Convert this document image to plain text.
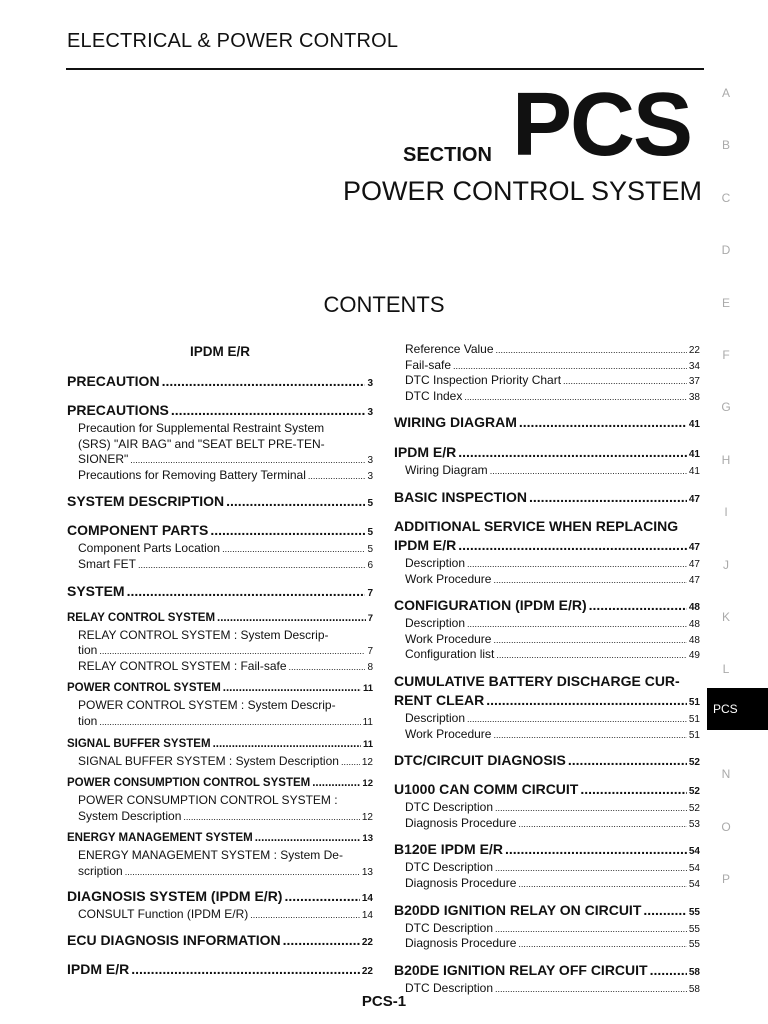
ELECTRICAL & POWER CONTROL
SECTION PCS
POWER CONTROL SYSTEM
CONTENTS
IPDM E/R
PRECAUTION .....	3
PRECAUTIONS .....	3
Precaution for Supplemental Restraint System
(SRS) "AIR BAG" and "SEAT BELT PRE-TEN-
SIONER" .....	3
Precautions for Removing Battery Terminal .....	3
SYSTEM DESCRIPTION .....	5
COMPONENT PARTS .....	5
Component Parts Location .....	5
Smart FET .....	6
SYSTEM .....	7
RELAY CONTROL SYSTEM .....	7
RELAY CONTROL SYSTEM : System Descrip-
tion .....	7
RELAY CONTROL SYSTEM : Fail-safe .....	8
POWER CONTROL SYSTEM .....	11
POWER CONTROL SYSTEM : System Descrip-
tion .....	11
SIGNAL BUFFER SYSTEM .....	11
SIGNAL BUFFER SYSTEM : System Description ..... 12
POWER CONSUMPTION CONTROL SYSTEM .....	12
POWER CONSUMPTION CONTROL SYSTEM :
System Description .....	12
ENERGY MANAGEMENT SYSTEM .....	13
ENERGY MANAGEMENT SYSTEM : System De-
scription .....	13
DIAGNOSIS SYSTEM (IPDM E/R) .....	14
CONSULT Function (IPDM E/R) .....	14
ECU DIAGNOSIS INFORMATION .....	22
IPDM E/R .....	22
Reference Value .....	22
Fail-safe .....	34
DTC Inspection Priority Chart .....	37
DTC Index .....	38
WIRING DIAGRAM .....	41
IPDM E/R .....	41
Wiring Diagram .....	41
BASIC INSPECTION .....	47
ADDITIONAL SERVICE WHEN REPLACING
IPDM E/R .....	47
Description .....	47
Work Procedure .....	47
CONFIGURATION (IPDM E/R) .....	48
Description .....	48
Work Procedure .....	48
Configuration list .....	49
CUMULATIVE BATTERY DISCHARGE CUR-
RENT CLEAR .....	51
Description .....	51
Work Procedure .....	51
DTC/CIRCUIT DIAGNOSIS .....	52
U1000 CAN COMM CIRCUIT .....	52
DTC Description .....	52
Diagnosis Procedure .....	53
B120E IPDM E/R .....	54
DTC Description .....	54
Diagnosis Procedure .....	54
B20DD IGNITION RELAY ON CIRCUIT .....	55
DTC Description .....	55
Diagnosis Procedure .....	55
B20DE IGNITION RELAY OFF CIRCUIT .....	58
DTC Description .....	58
A
B
C
D
E
F
G
H
I
J
K
L
N
O
P
PCS
PCS-1
